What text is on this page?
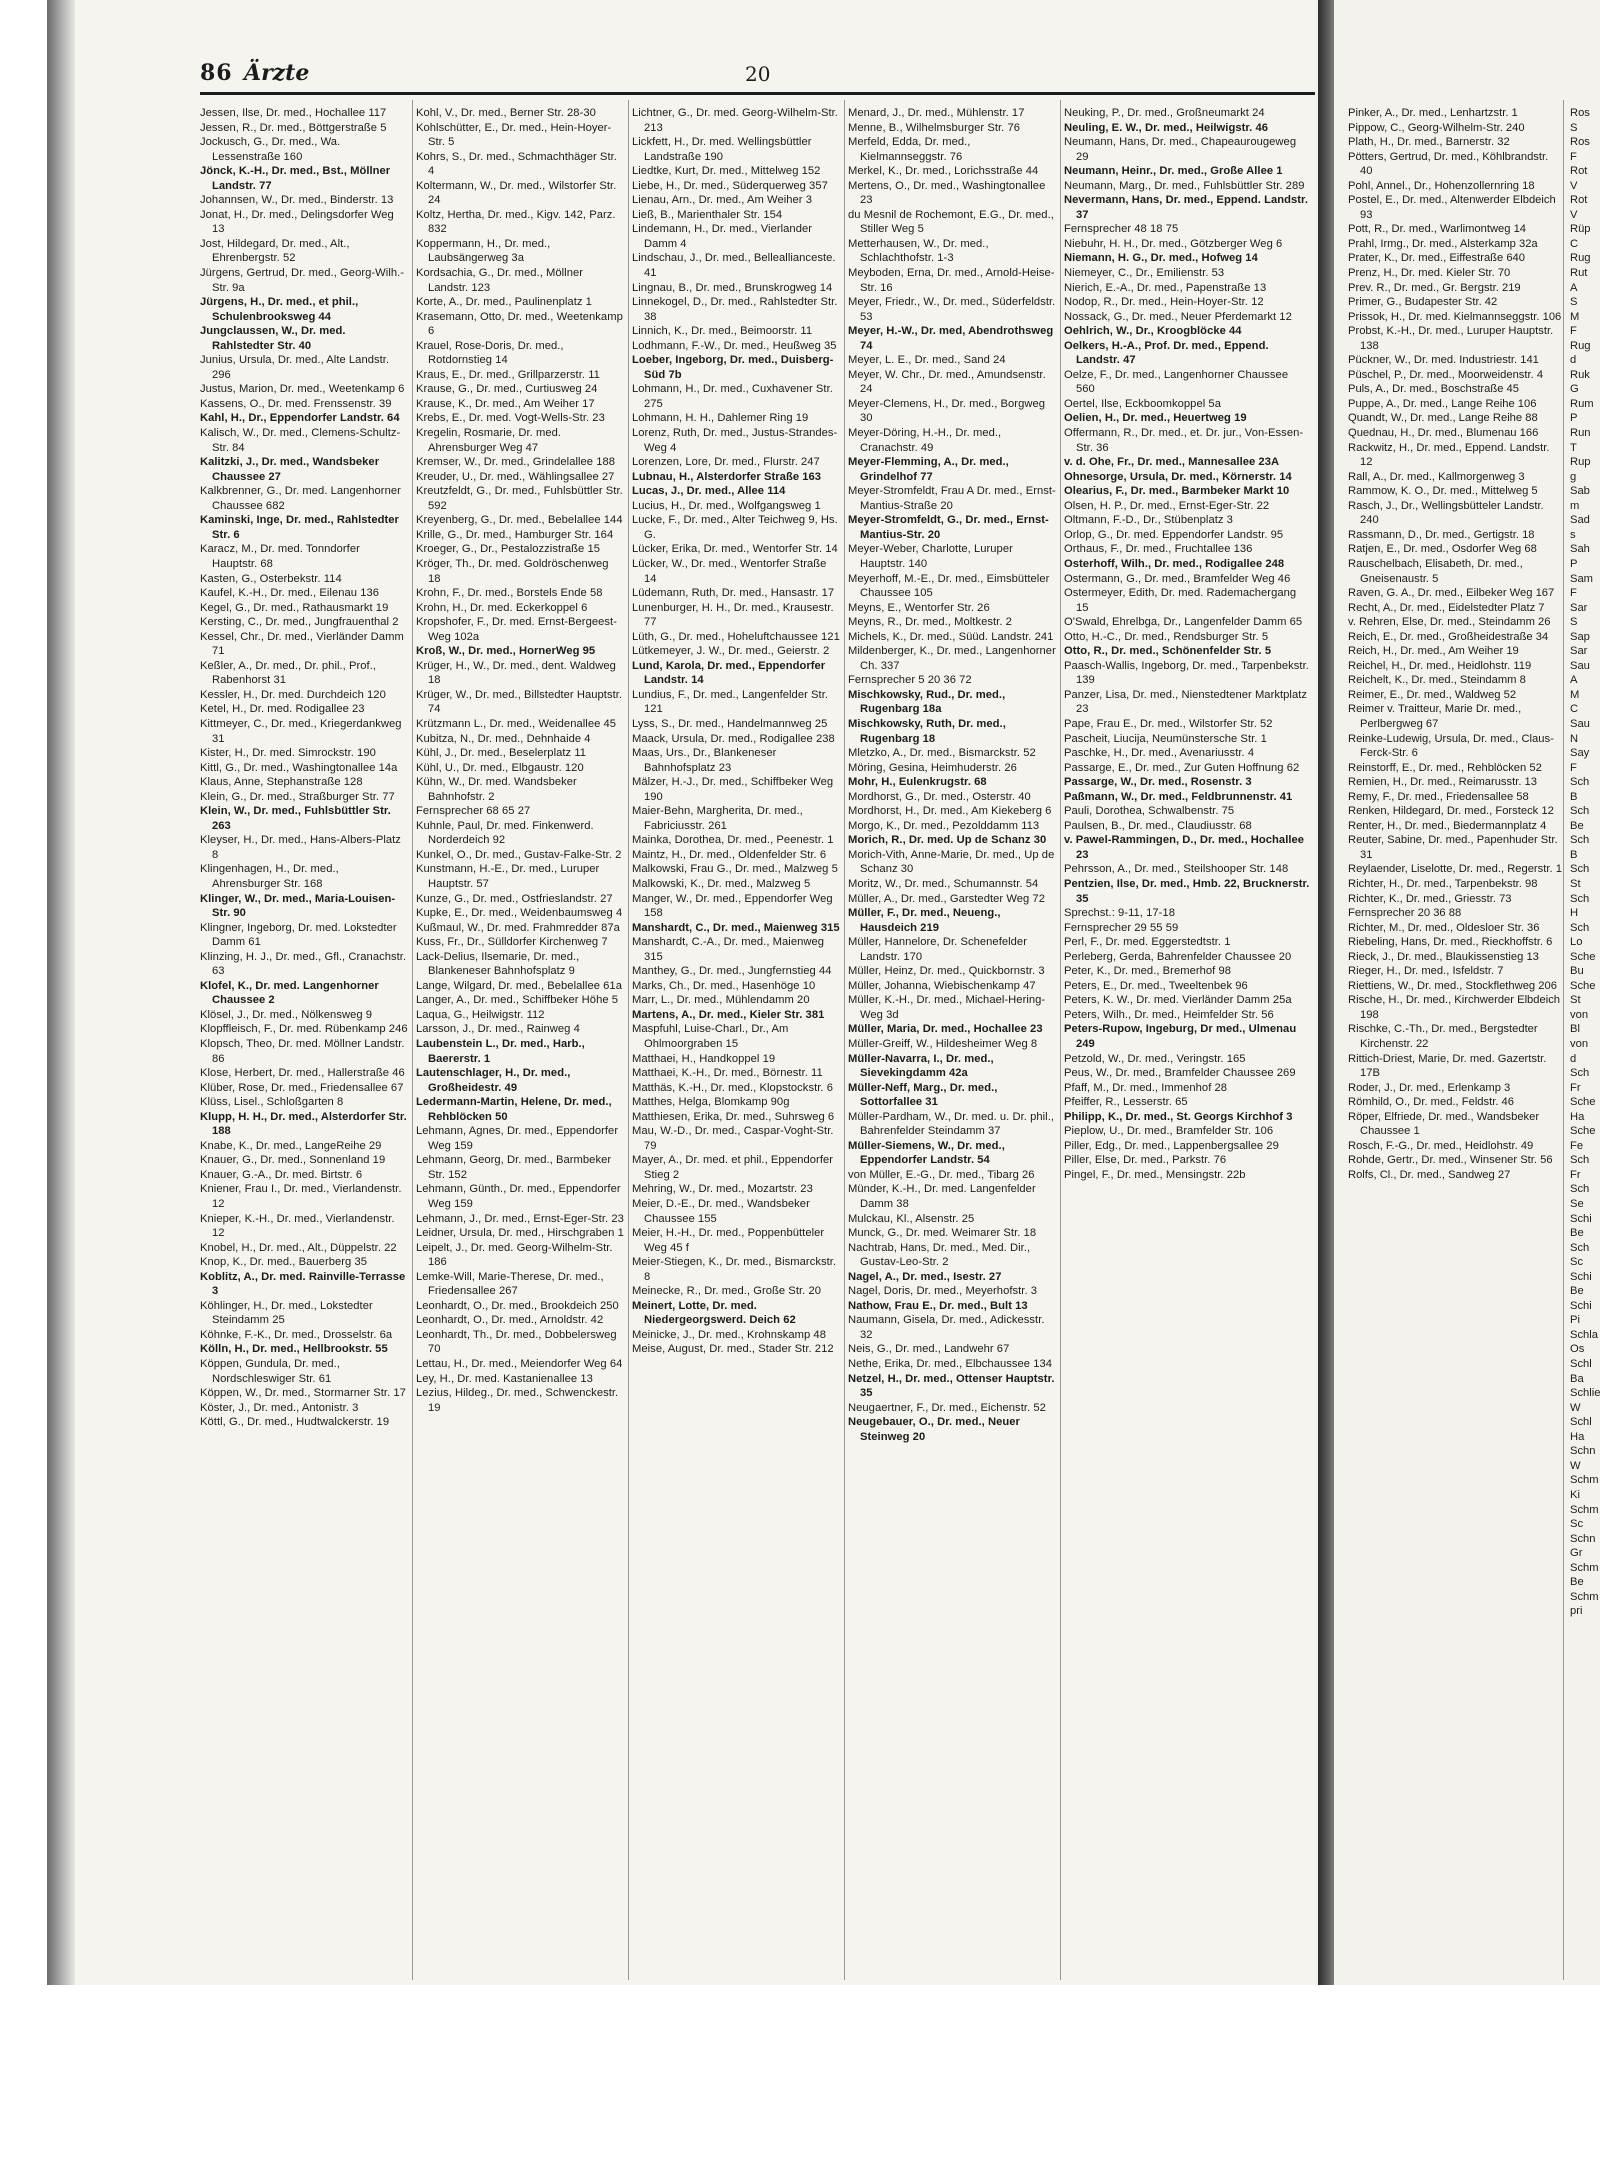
86 Ärzte	20

Jessen, Ilse, Dr. med., Hochallee 117

Jessen, R., Dr. med., Böttgerstraße 5

Jockusch, G., Dr. med., Wa. Lessenstraße 160

Jönck, K.-H., Dr. med., Bst., Möllner Landstr. 77

Johannsen, W., Dr. med., Binderstr. 13

Jonat, H., Dr. med., Delingsdorfer Weg 13

Jost, Hildegard, Dr. med., Alt., Ehrenbergstr. 52

Jürgens, Gertrud, Dr. med., Georg-Wilh.-Str. 9a

Jürgens, H., Dr. med., et phil., Schulenbrooksweg 44

Jungclaussen, W., Dr. med. Rahlstedter Str. 40

Junius, Ursula, Dr. med., Alte Landstr. 296

Justus, Marion, Dr. med., Weetenkamp 6

Kassens, O., Dr. med. Frenssenstr. 39

Kahl, H., Dr., Eppendorfer Landstr. 64

Kalisch, W., Dr. med., Clemens-Schultz-Str. 84

Kalitzki, J., Dr. med., Wandsbeker Chaussee 27

Kalkbrenner, G., Dr. med. Langenhorner Chaussee 682

Kaminski, Inge, Dr. med., Rahlstedter Str. 6

Karacz, M., Dr. med. Tonndorfer Hauptstr. 68

Kasten, G., Osterbekstr. 114

Kaufel, K.-H., Dr. med., Eilenau 136

Kegel, G., Dr. med., Rathausmarkt 19

Kersting, C., Dr. med., Jungfrauenthal 2

Kessel, Chr., Dr. med., Vierländer Damm 71

Keßler, A., Dr. med., Dr. phil., Prof., Rabenhorst 31

Kessler, H., Dr. med. Durchdeich 120

Ketel, H., Dr. med. Rodigallee 23

Kittmeyer, C., Dr. med., Kriegerdankweg 31

Kister, H., Dr. med. Simrockstr. 190

Kittl, G., Dr. med., Washingtonallee 14a

Klaus, Anne, Stephanstraße 128

Klein, G., Dr. med., Straßburger Str. 77

Klein, W., Dr. med., Fuhlsbüttler Str. 263

Kleyser, H., Dr. med., Hans-Albers-Platz 8

Klingenhagen, H., Dr. med., Ahrensburger Str. 168

Klinger, W., Dr. med., Maria-Louisen-Str. 90

Klingner, Ingeborg, Dr. med. Lokstedter Damm 61

Klinzing, H. J., Dr. med., Gfl., Cranachstr. 63

Klofel, K., Dr. med. Langenhorner Chaussee 2

Klösel, J., Dr. med., Nölkensweg 9

Klopffleisch, F., Dr. med. Rübenkamp 246

Klopsch, Theo, Dr. med. Möllner Landstr. 86

Klose, Herbert, Dr. med., Hallerstraße 46

Klüber, Rose, Dr. med., Friedensallee 67

Klüss, Lisel., Schloßgarten 8

Klupp, H. H., Dr. med., Alsterdorfer Str. 188

Knabe, K., Dr. med., LangeReihe 29

Knauer, G., Dr. med., Sonnenland 19

Knauer, G.-A., Dr. med. Birtstr. 6

Kniener, Frau I., Dr. med., Vierlandenstr. 12

Knieper, K.-H., Dr. med., Vierlandenstr. 12

Knobel, H., Dr. med., Alt., Düppelstr. 22

Knop, K., Dr. med., Bauerberg 35

Koblitz, A., Dr. med. Rainville-Terrasse 3

Köhlinger, H., Dr. med., Lokstedter Steindamm 25

Köhnke, F.-K., Dr. med., Drosselstr. 6a

Kölln, H., Dr. med., Hellbrookstr. 55

Köppen, Gundula, Dr. med., Nordschleswiger Str. 61

Köppen, W., Dr. med., Stormarner Str. 17

Köster, J., Dr. med., Antonistr. 3

Köttl, G., Dr. med., Hudtwalckerstr. 19

Kohl, V., Dr. med., Berner Str. 28-30

Kohlschütter, E., Dr. med., Hein-Hoyer-Str. 5

Kohrs, S., Dr. med., Schmachthäger Str. 4

Koltermann, W., Dr. med., Wilstorfer Str. 24

Koltz, Hertha, Dr. med., Kigv. 142, Parz. 832

Koppermann, H., Dr. med., Laubsängerweg 3a

Kordsachia, G., Dr. med., Möllner Landstr. 123

Korte, A., Dr. med., Paulinenplatz 1

Krasemann, Otto, Dr. med., Weetenkamp 6

Krauel, Rose-Doris, Dr. med., Rotdornstieg 14

Kraus, E., Dr. med., Grillparzerstr. 11

Krause, G., Dr. med., Curtiusweg 24

Krause, K., Dr. med., Am Weiher 17

Krebs, E., Dr. med. Vogt-Wells-Str. 23

Kregelin, Rosmarie, Dr. med. Ahrensburger Weg 47

Kremser, W., Dr. med., Grindelallee 188

Kreuder, U., Dr. med., Wählingsallee 27

Kreutzfeldt, G., Dr. med., Fuhlsbüttler Str. 592

Kreyenberg, G., Dr. med., Bebelallee 144

Krille, G., Dr. med., Hamburger Str. 164

Kroeger, G., Dr., Pestalozzistraße 15

Kröger, Th., Dr. med. Goldröschenweg 18

Krohn, F., Dr. med., Borstels Ende 58

Krohn, H., Dr. med. Eckerkoppel 6

Kropshofer, F., Dr. med. Ernst-Bergeest-Weg 102a

Kroß, W., Dr. med., HornerWeg 95

Krüger, H., W., Dr. med., dent. Waldweg 18

Krüger, W., Dr. med., Billstedter Hauptstr. 74

Krützmann L., Dr. med., Weidenallee 45

Kubitza, N., Dr. med., Dehnhaide 4

Kühl, J., Dr. med., Beselerplatz 11

Kühl, U., Dr. med., Elbgaustr. 120

Kühn, W., Dr. med. Wandsbeker Bahnhofstr. 2

Fernsprecher 68 65 27

Kuhnle, Paul, Dr. med. Finkenwerd. Norderdeich 92

Kunkel, O., Dr. med., Gustav-Falke-Str. 2

Kunstmann, H.-E., Dr. med., Luruper Hauptstr. 57

Kunze, G., Dr. med., Ostfrieslandstr. 27

Kupke, E., Dr. med., Weidenbaumsweg 4

Kußmaul, W., Dr. med. Frahmredder 87a

Kuss, Fr., Dr., Sülldorfer Kirchenweg 7

Lack-Delius, Ilsemarie, Dr. med., Blankeneser Bahnhofsplatz 9

Lange, Wilgard, Dr. med., Bebelallee 61a

Langer, A., Dr. med., Schiffbeker Höhe 5

Laqua, G., Heilwigstr. 112

Larsson, J., Dr. med., Rainweg 4

Laubenstein L., Dr. med., Harb., Baererstr. 1

Lautenschlager, H., Dr. med., Großheidestr. 49

Ledermann-Martin, Helene, Dr. med., Rehblöcken 50

Lehmann, Agnes, Dr. med., Eppendorfer Weg 159

Lehmann, Georg, Dr. med., Barmbeker Str. 152

Lehmann, Günth., Dr. med., Eppendorfer Weg 159

Lehmann, J., Dr. med., Ernst-Eger-Str. 23

Leidner, Ursula, Dr. med., Hirschgraben 1

Leipelt, J., Dr. med. Georg-Wilhelm-Str. 186

Lemke-Will, Marie-Therese, Dr. med., Friedensallee 267

Leonhardt, O., Dr. med., Brookdeich 250

Leonhardt, O., Dr. med., Arnoldstr. 42

Leonhardt, Th., Dr. med., Dobbelersweg 70

Lettau, H., Dr. med., Meiendorfer Weg 64

Ley, H., Dr. med. Kastanienallee 13

Lezius, Hildeg., Dr. med., Schwenckestr. 19

Lichtner, G., Dr. med. Georg-Wilhelm-Str. 213

Lickfett, H., Dr. med. Wellingsbüttler Landstraße 190

Liedtke, Kurt, Dr. med., Mittelweg 152

Liebe, H., Dr. med., Süderquerweg 357

Lienau, Arn., Dr. med., Am Weiher 3

Ließ, B., Marienthaler Str. 154

Lindemann, H., Dr. med., Vierlander Damm 4

Lindschau, J., Dr. med., Belleallianceste. 41

Lingnau, B., Dr. med., Brunskrogweg 14

Linnekogel, D., Dr. med., Rahlstedter Str. 38

Linnich, K., Dr. med., Beimoorstr. 11

Lodhmann, F.-W., Dr. med., Heußweg 35

Loeber, Ingeborg, Dr. med., Duisberg-Süd 7b

Lohmann, H., Dr. med., Cuxhavener Str. 275

Lohmann, H. H., Dahlemer Ring 19

Lorenz, Ruth, Dr. med., Justus-Strandes-Weg 4

Lorenzen, Lore, Dr. med., Flurstr. 247

Lubnau, H., Alsterdorfer Straße 163

Lucas, J., Dr. med., Allee 114

Lucius, H., Dr. med., Wolfgangsweg 1

Lucke, F., Dr. med., Alter Teichweg 9, Hs. G.

Lücker, Erika, Dr. med., Wentorfer Str. 14

Lücker, W., Dr. med., Wentorfer Straße 14

Lüdemann, Ruth, Dr. med., Hansastr. 17

Lunenburger, H. H., Dr. med., Krausestr. 77

Lüth, G., Dr. med., Hoheluftchaussee 121

Lütkemeyer, J. W., Dr. med., Geierstr. 2

Lund, Karola, Dr. med., Eppendorfer Landstr. 14

Lundius, F., Dr. med., Langenfelder Str. 121

Lyss, S., Dr. med., Handelmannweg 25

Maack, Ursula, Dr. med., Rodigallee 238

Maas, Urs., Dr., Blankeneser Bahnhofsplatz 23

Mälzer, H.-J., Dr. med., Schiffbeker Weg 190

Maier-Behn, Margherita, Dr. med., Fabriciusstr. 261

Mainka, Dorothea, Dr. med., Peenestr. 1

Maintz, H., Dr. med., Oldenfelder Str. 6

Malkowski, Frau G., Dr. med., Malzweg 5

Malkowski, K., Dr. med., Malzweg 5

Manger, W., Dr. med., Eppendorfer Weg 158

Manshardt, C., Dr. med., Maienweg 315

Manshardt, C.-A., Dr. med., Maienweg 315

Manthey, G., Dr. med., Jungfernstieg 44

Marks, Ch., Dr. med., Hasenhöge 10

Marr, L., Dr. med., Mühlendamm 20

Martens, A., Dr. med., Kieler Str. 381

Maspfuhl, Luise-Charl., Dr., Am Ohlmoorgraben 15

Matthaei, H., Handkoppel 19

Matthaei, K.-H., Dr. med., Börnestr. 11

Matthäs, K.-H., Dr. med., Klopstockstr. 6

Matthes, Helga, Blomkamp 90g

Matthiesen, Erika, Dr. med., Suhrsweg 6

Mau, W.-D., Dr. med., Caspar-Voght-Str. 79

Mayer, A., Dr. med. et phil., Eppendorfer Stieg 2

Mehring, W., Dr. med., Mozartstr. 23

Meier, D.-E., Dr. med., Wandsbeker Chaussee 155

Meier, H.-H., Dr. med., Poppenbütteler Weg 45 f

Meier-Stiegen, K., Dr. med., Bismarckstr. 8

Meinecke, R., Dr. med., Große Str. 20

Meinert, Lotte, Dr. med. Niedergeorgswerd. Deich 62

Meinicke, J., Dr. med., Krohnskamp 48

Meise, August, Dr. med., Stader Str. 212

Menard, J., Dr. med., Mühlenstr. 17

Menne, B., Wilhelmsburger Str. 76

Merfeld, Edda, Dr. med., Kielmannseggstr. 76

Merkel, K., Dr. med., Lorichsstraße 44

Mertens, O., Dr. med., Washingtonallee 23

du Mesnil de Rochemont, E.G., Dr. med., Stiller Weg 5

Metterhausen, W., Dr. med., Schlachthofstr. 1-3

Meyboden, Erna, Dr. med., Arnold-Heise-Str. 16

Meyer, Friedr., W., Dr. med., Süderfeldstr. 53

Meyer, H.-W., Dr. med, Abendrothsweg 74

Meyer, L. E., Dr. med., Sand 24

Meyer, W. Chr., Dr. med., Amundsenstr. 24

Meyer-Clemens, H., Dr. med., Borgweg 30

Meyer-Döring, H.-H., Dr. med., Cranachstr. 49

Meyer-Flemming, A., Dr. med., Grindelhof 77

Meyer-Stromfeldt, Frau A Dr. med., Ernst-Mantius-Straße 20

Meyer-Stromfeldt, G., Dr. med., Ernst-Mantius-Str. 20

Meyer-Weber, Charlotte, Luruper Hauptstr. 140

Meyerhoff, M.-E., Dr. med., Eimsbütteler Chaussee 105

Meyns, E., Wentorfer Str. 26

Meyns, R., Dr. med., Moltkestr. 2

Michels, K., Dr. med., Süüd. Landstr. 241

Mildenberger, K., Dr. med., Langenhorner Ch. 337

Fernsprecher 5 20 36 72

Mischkowsky, Rud., Dr. med., Rugenbarg 18a

Mischkowsky, Ruth, Dr. med., Rugenbarg 18

Mletzko, A., Dr. med., Bismarckstr. 52

Möring, Gesina, Heimhuderstr. 26

Mohr, H., Eulenkrugstr. 68

Mordhorst, G., Dr. med., Osterstr. 40

Mordhorst, H., Dr. med., Am Kiekeberg 6

Morgo, K., Dr. med., Pezolddamm 113

Morich, R., Dr. med. Up de Schanz 30

Morich-Vith, Anne-Marie, Dr. med., Up de Schanz 30

Moritz, W., Dr. med., Schumannstr. 54

Müller, A., Dr. med., Garstedter Weg 72

Müller, F., Dr. med., Neueng., Hausdeich 219

Müller, Hannelore, Dr. Schenefelder Landstr. 170

Müller, Heinz, Dr. med., Quickbornstr. 3

Müller, Johanna, Wiebischenkamp 47

Müller, K.-H., Dr. med., Michael-Hering-Weg 3d

Müller, Maria, Dr. med., Hochallee 23

Müller-Greiff, W., Hildesheimer Weg 8

Müller-Navarra, I., Dr. med., Sievekingdamm 42a

Müller-Neff, Marg., Dr. med., Sottorfallee 31

Müller-Pardham, W., Dr. med. u. Dr. phil., Bahrenfelder Steindamm 37

Müller-Siemens, W., Dr. med., Eppendorfer Landstr. 54

von Müller, E.-G., Dr. med., Tibarg 26

Münder, K.-H., Dr. med. Langenfelder Damm 38

Mulckau, Kl., Alsenstr. 25

Munck, G., Dr. med. Weimarer Str. 18

Nachtrab, Hans, Dr. med., Med. Dir., Gustav-Leo-Str. 2

Nagel, A., Dr. med., Isestr. 27

Nagel, Doris, Dr. med., Meyerhofstr. 3

Nathow, Frau E., Dr. med., Bult 13

Naumann, Gisela, Dr. med., Adickesstr. 32

Neis, G., Dr. med., Landwehr 67

Nethe, Erika, Dr. med., Elbchaussee 134

Netzel, H., Dr. med., Ottenser Hauptstr. 35

Neugaertner, F., Dr. med., Eichenstr. 52

Neugebauer, O., Dr. med., Neuer Steinweg 20

Neuking, P., Dr. med., Großneumarkt 24

Neuling, E. W., Dr. med., Heilwigstr. 46

Neumann, Hans, Dr. med., Chapeaurougeweg 29

Neumann, Heinr., Dr. med., Große Allee 1

Neumann, Marg., Dr. med., Fuhlsbüttler Str. 289

Nevermann, Hans, Dr. med., Eppend. Landstr. 37

Fernsprecher 48 18 75

Niebuhr, H. H., Dr. med., Götzberger Weg 6

Niemann, H. G., Dr. med., Hofweg 14

Niemeyer, C., Dr., Emilienstr. 53

Nierich, E.-A., Dr. med., Papenstraße 13

Nodop, R., Dr. med., Hein-Hoyer-Str. 12

Nossack, G., Dr. med., Neuer Pferdemarkt 12

Oehlrich, W., Dr., Kroogblöcke 44

Oelkers, H.-A., Prof. Dr. med., Eppend. Landstr. 47

Oelze, F., Dr. med., Langenhorner Chaussee 560

Oertel, Ilse, Eckboomkoppel 5a

Oelien, H., Dr. med., Heuertweg 19

Offermann, R., Dr. med., et. Dr. jur., Von-Essen-Str. 36

v. d. Ohe, Fr., Dr. med., Mannesallee 23A

Ohnesorge, Ursula, Dr. med., Körnerstr. 14

Olearius, F., Dr. med., Barmbeker Markt 10

Olsen, H. P., Dr. med., Ernst-Eger-Str. 22

Oltmann, F.-D., Dr., Stübenplatz 3

Orlop, G., Dr. med. Eppendorfer Landstr. 95

Orthaus, F., Dr. med., Fruchtallee 136

Osterhoff, Wilh., Dr. med., Rodigallee 248

Ostermann, G., Dr. med., Bramfelder Weg 46

Ostermeyer, Edith, Dr. med. Rademachergang 15

O'Swald, Ehrelbga, Dr., Langenfelder Damm 65

Otto, H.-C., Dr. med., Rendsburger Str. 5

Otto, R., Dr. med., Schönenfelder Str. 5

Paasch-Wallis, Ingeborg, Dr. med., Tarpenbekstr. 139

Panzer, Lisa, Dr. med., Nienstedtener Marktplatz 23

Pape, Frau E., Dr. med., Wilstorfer Str. 52

Pascheit, Liucija, Neumünstersche Str. 1

Paschke, H., Dr. med., Avenariusstr. 4

Passarge, E., Dr. med., Zur Guten Hoffnung 62

Passarge, W., Dr. med., Rosenstr. 3

Paßmann, W., Dr. med., Feldbrunnenstr. 41

Pauli, Dorothea, Schwalbenstr. 75

Paulsen, B., Dr. med., Claudiusstr. 68

v. Pawel-Rammingen, D., Dr. med., Hochallee 23

Pehrsson, A., Dr. med., Steilshooper Str. 148

Pentzien, Ilse, Dr. med., Hmb. 22, Brucknerstr. 35

Sprechst.: 9-11, 17-18

Fernsprecher 29 55 59

Perl, F., Dr. med. Eggerstedtstr. 1

Perleberg, Gerda, Bahrenfelder Chaussee 20

Peter, K., Dr. med., Bremerhof 98

Peters, E., Dr. med., Tweeltenbek 96

Peters, K. W., Dr. med. Vierländer Damm 25a

Peters, Wilh., Dr. med., Heimfelder Str. 56

Peters-Rupow, Ingeburg, Dr med., Ulmenau 249

Petzold, W., Dr. med., Veringstr. 165

Peus, W., Dr. med., Bramfelder Chaussee 269

Pfaff, M., Dr. med., Immenhof 28

Pfeiffer, R., Lesserstr. 65

Philipp, K., Dr. med., St. Georgs Kirchhof 3

Pieplow, U., Dr. med., Bramfelder Str. 106

Piller, Edg., Dr. med., Lappenbergsallee 29

Piller, Else, Dr. med., Parkstr. 76

Pingel, F., Dr. med., Mensingstr. 22b

Pinker, A., Dr. med., Lenhartzstr. 1

Pippow, C., Georg-Wilhelm-Str. 240

Plath, H., Dr. med., Barnerstr. 32

Pötters, Gertrud, Dr. med., Köhlbrandstr. 40

Pohl, Annel., Dr., Hohenzollernring 18

Postel, E., Dr. med., Altenwerder Elbdeich 93

Pott, R., Dr. med., Warlimontweg 14

Prahl, Irmg., Dr. med., Alsterkamp 32a

Prater, K., Dr. med., Eiffestraße 640

Prenz, H., Dr. med. Kieler Str. 70

Prev. R., Dr. med., Gr. Bergstr. 219

Primer, G., Budapester Str. 42

Prissok, H., Dr. med. Kielmannseggstr. 106

Probst, K.-H., Dr. med., Luruper Hauptstr. 138

Pückner, W., Dr. med. Industriestr. 141

Püschel, P., Dr. med., Moorweidenstr. 4

Puls, A., Dr. med., Boschstraße 45

Puppe, A., Dr. med., Lange Reihe 106

Quandt, W., Dr. med., Lange Reihe 88

Quednau, H., Dr. med., Blumenau 166

Rackwitz, H., Dr. med., Eppend. Landstr. 12

Rall, A., Dr. med., Kallmorgenweg 3

Rammow, K. O., Dr. med., Mittelweg 5

Rasch, J., Dr., Wellingsbütteler Landstr. 240

Rassmann, D., Dr. med., Gertigstr. 18

Ratjen, E., Dr. med., Osdorfer Weg 68

Rauschelbach, Elisabeth, Dr. med., Gneisenaustr. 5

Raven, G. A., Dr. med., Eilbeker Weg 167

Recht, A., Dr. med., Eidelstedter Platz 7

v. Rehren, Else, Dr. med., Steindamm 26

Reich, E., Dr. med., Großheidestraße 34

Reich, H., Dr. med., Am Weiher 19

Reichel, H., Dr. med., Heidlohstr. 119

Reichelt, K., Dr. med., Steindamm 8

Reimer, E., Dr. med., Waldweg 52

Reimer v. Traitteur, Marie Dr. med., Perlbergweg 67

Reinke-Ludewig, Ursula, Dr. med., Claus-Ferck-Str. 6

Reinstorff, E., Dr. med., Rehblöcken 52

Remien, H., Dr. med., Reimarusstr. 13

Remy, F., Dr. med., Friedensallee 58

Renken, Hildegard, Dr. med., Forsteck 12

Renter, H., Dr. med., Biedermannplatz 4

Reuter, Sabine, Dr. med., Papenhuder Str. 31

Reylaender, Liselotte, Dr. med., Regerstr. 1

Richter, H., Dr. med., Tarpenbekstr. 98

Richter, K., Dr. med., Griesstr. 73

Fernsprecher 20 36 88

Richter, M., Dr. med., Oldesloer Str. 36

Riebeling, Hans, Dr. med., Rieckhoffstr. 6

Rieck, J., Dr. med., Blaukissenstieg 13

Rieger, H., Dr. med., Isfeldstr. 7

Riettiens, W., Dr. med., Stockflethweg 206

Rische, H., Dr. med., Kirchwerder Elbdeich 198

Rischke, C.-Th., Dr. med., Bergstedter Kirchenstr. 22

Rittich-Driest, Marie, Dr. med. Gazertstr. 17B

Roder, J., Dr. med., Erlenkamp 3

Römhild, O., Dr. med., Feldstr. 46

Röper, Elfriede, Dr. med., Wandsbeker Chaussee 1

Rosch, F.-G., Dr. med., Heidlohstr. 49

Rohde, Gertr., Dr. med., Winsener Str. 56

Rolfs, Cl., Dr. med., Sandweg 27

Ros

S

Ros

F

Rot

V

Rot

V

Rüp

C

Rug

Rut

A

S

M

F

Rug

d

Ruk

G

Rum

P

Run

T

Rup

g

Sab

m

Sad

s

Sah

P

Sam

F

Sar

S

Sap

Sar

Sau

A

M

C

Sau

N

Say

F

Sch

B

Sch

Be

Sch

B

Sch

St

Sch

H

Sch

Lo

Sche

Bu

Sche

St

von

Bl

von

d

Sch

Fr

Sche

Ha

Sche

Fe

Sch

Fr

Sch

Se

Schi

Be

Sch

Sc

Schi

Be

Schi

Pi

Schla

Os

Schl

Ba

Schlie

W

Schl

Ha

Schn

W

Schm

Ki

Schm

Sc

Schn

Gr

Schm

Be

Schm

pri
